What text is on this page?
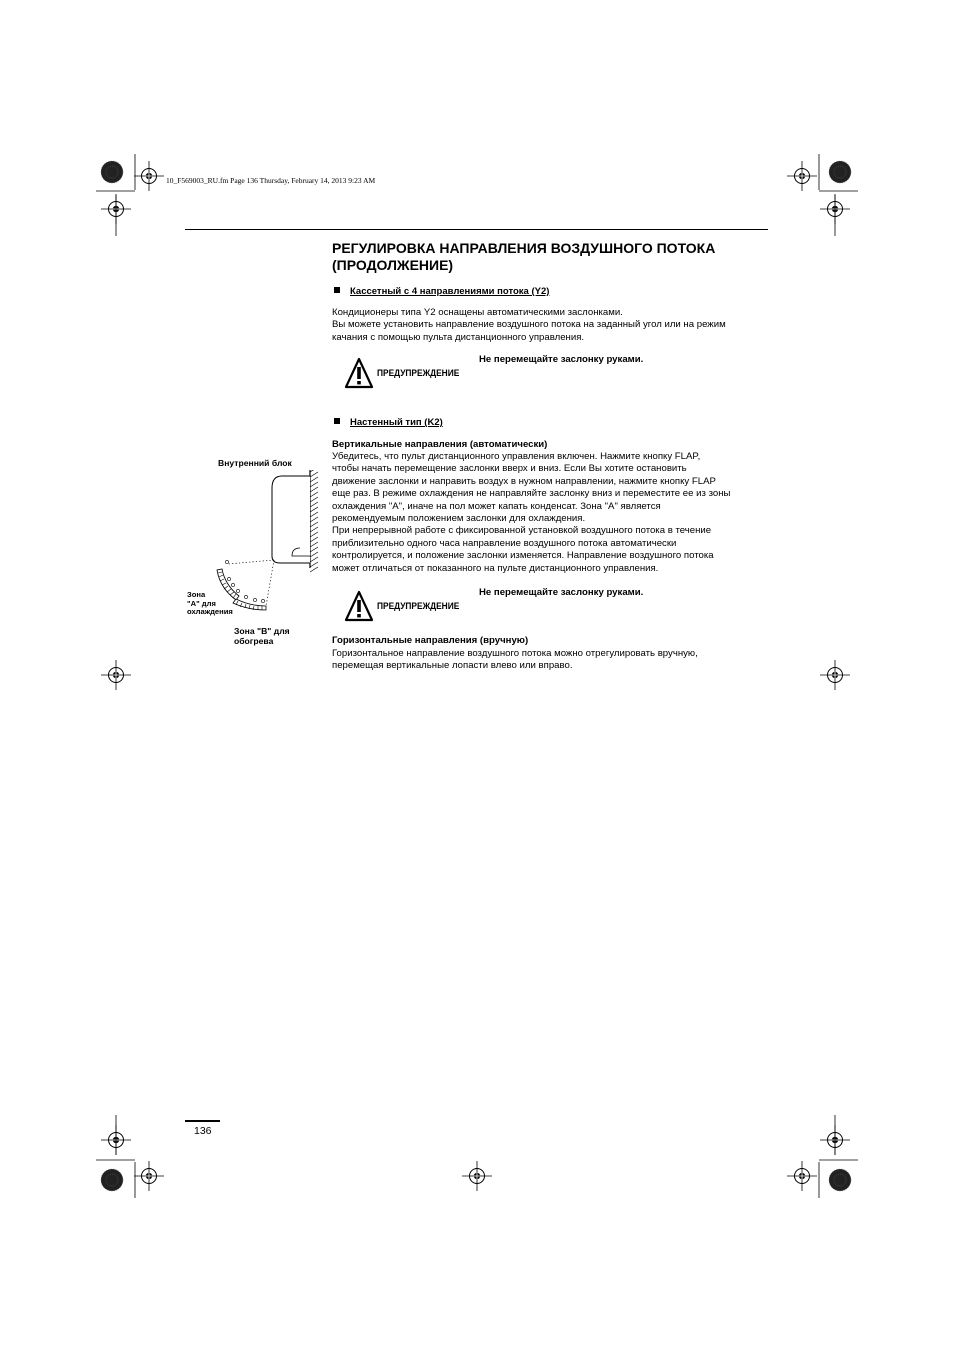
10_F569003_RU.fm Page 136 Thursday, February 14, 2013 9:23 AM
РЕГУЛИРОВКА НАПРАВЛЕНИЯ ВОЗДУШНОГО ПОТОКА
(ПРОДОЛЖЕНИЕ)
Кассетный с 4 направлениями потока (Y2)

Кондиционеры типа Y2 оснащены автоматическими заслонками.

Вы можете установить направление воздушного потока на заданный угол или на режим

качания с помощью пульта дистанционного управления.

ПРЕДУПРЕЖДЕНИЕ
Не перемещайте заслонку руками.
Настенный тип (K2)
Вертикальные направления (автоматически)

Убедитесь, что пульт дистанционного управления включен. Нажмите кнопку FLAP,

чтобы начать перемещение заслонки вверх и вниз. Если Вы хотите остановить

движение заслонки и направить воздух в нужном направлении, нажмите кнопку FLAP

еще раз. В режиме охлаждения не направляйте заслонку вниз и переместите ее из зоны

охлаждения "A", иначе на пол может капать конденсат. Зона "A" является

рекомендуемым положением заслонки для охлаждения.

При непрерывной работе с фиксированной установкой воздушного потока в течение

приблизительно одного часа направление воздушного потока автоматически

контролируется, и положение заслонки изменяется. Направление воздушного потока

может отличаться от показанного на пульте дистанционного управления.

ПРЕДУПРЕЖДЕНИЕ
Не перемещайте заслонку руками.
Горизонтальные направления (вручную)

Горизонтальное направление воздушного потока можно отрегулировать вручную,

перемещая вертикальные лопасти влево или вправо.

Внутренний блок
Зона
"A" для
охлаждения
Зона "B" для
обогрева
136
